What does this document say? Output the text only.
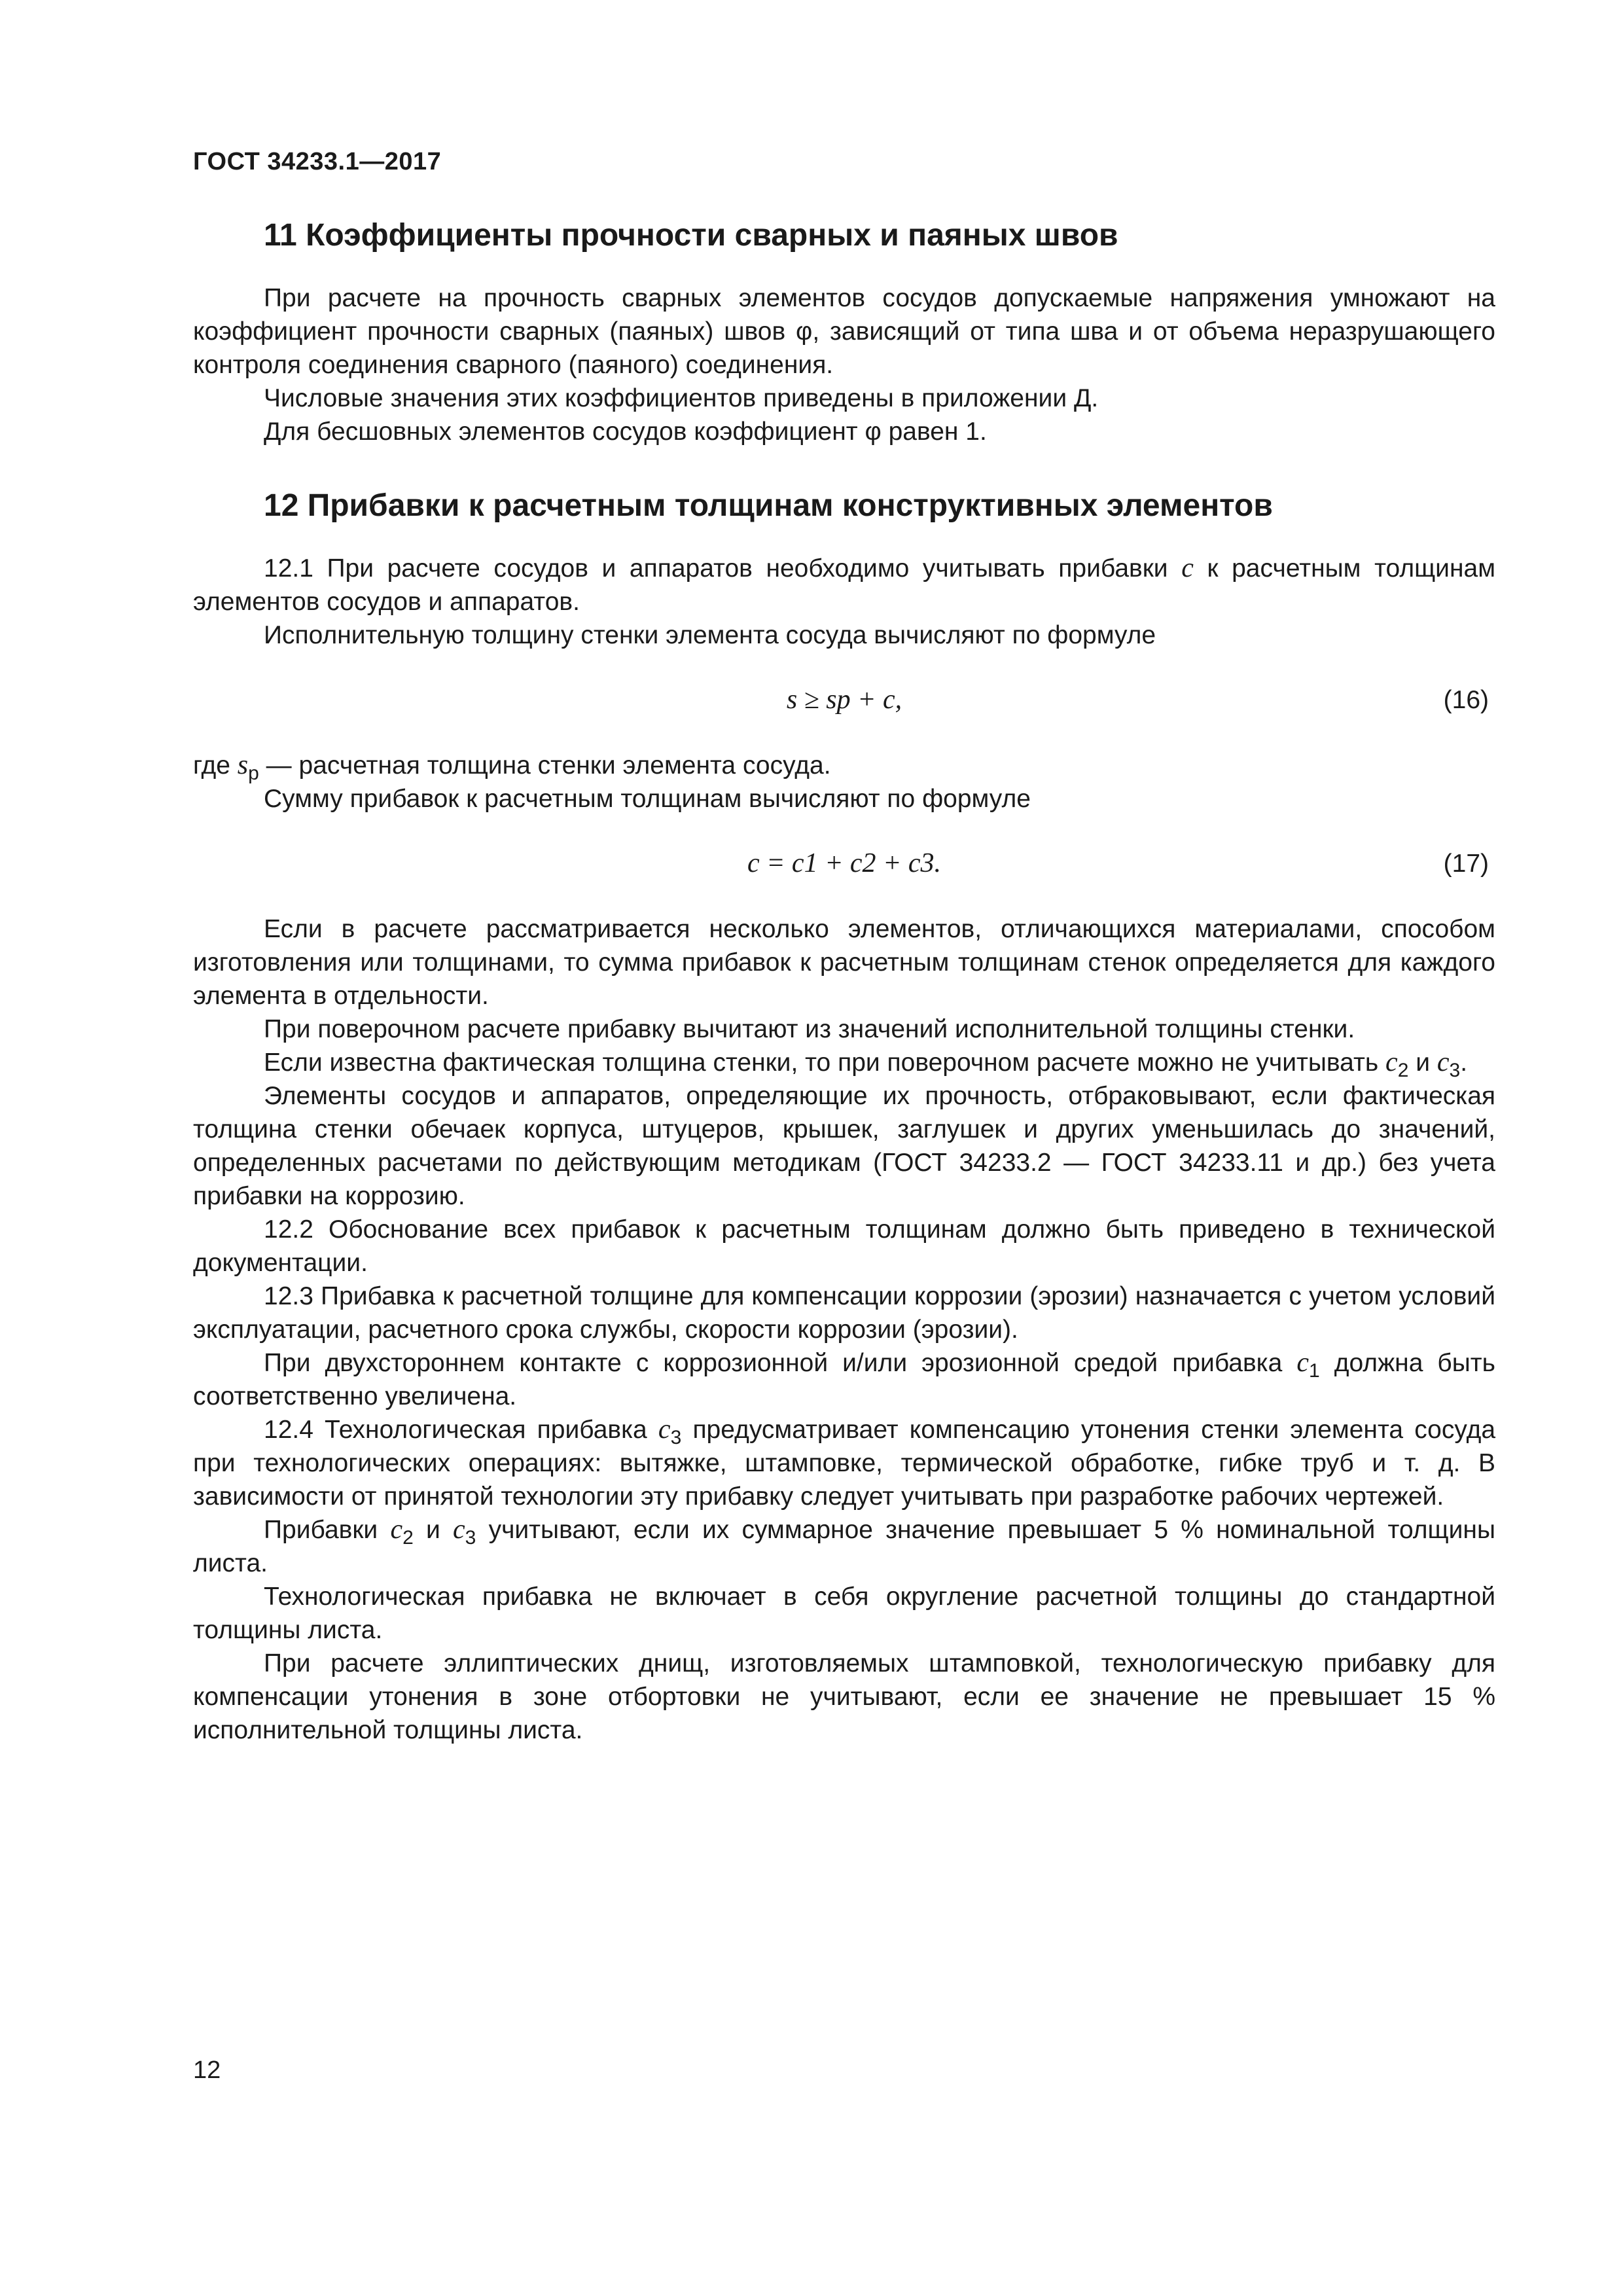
ГОСТ 34233.1—2017
11 Коэффициенты прочности сварных и паяных швов

При расчете на прочность сварных элементов сосудов допускаемые напряжения умножают на коэффициент прочности сварных (паяных) швов φ, зависящий от типа шва и от объема неразрушающего контроля соединения сварного (паяного) соединения.

Числовые значения этих коэффициентов приведены в приложении Д.

Для бесшовных элементов сосудов коэффициент φ равен 1.

12 Прибавки к расчетным толщинам конструктивных элементов

12.1 При расчете сосудов и аппаратов необходимо учитывать прибавки c к расчетным толщинам элементов сосудов и аппаратов.

Исполнительную толщину стенки элемента сосуда вычисляют по формуле

s ≥ sp + c,	(16)

где $s_р$ — расчетная толщина стенки элемента сосуда.

Сумму прибавок к расчетным толщинам вычисляют по формуле

c = c1 + c2 + c3.	(17)

Если в расчете рассматривается несколько элементов, отличающихся материалами, способом изготовления или толщинами, то сумма прибавок к расчетным толщинам стенок определяется для каждого элемента в отдельности.

При поверочном расчете прибавку вычитают из значений исполнительной толщины стенки.

Если известна фактическая толщина стенки, то при поверочном расчете можно не учитывать $c_2$ и $c_3$.

Элементы сосудов и аппаратов, определяющие их прочность, отбраковывают, если фактическая толщина стенки обечаек корпуса, штуцеров, крышек, заглушек и других уменьшилась до значений, определенных расчетами по действующим методикам (ГОСТ 34233.2 — ГОСТ 34233.11 и др.) без учета прибавки на коррозию.

12.2 Обоснование всех прибавок к расчетным толщинам должно быть приведено в технической документации.

12.3 Прибавка к расчетной толщине для компенсации коррозии (эрозии) назначается с учетом условий эксплуатации, расчетного срока службы, скорости коррозии (эрозии).

При двухстороннем контакте с коррозионной и/или эрозионной средой прибавка $c_1$ должна быть соответственно увеличена.

12.4 Технологическая прибавка $c_3$ предусматривает компенсацию утонения стенки элемента сосуда при технологических операциях: вытяжке, штамповке, термической обработке, гибке труб и т. д. В зависимости от принятой технологии эту прибавку следует учитывать при разработке рабочих чертежей.

Прибавки $c_2$ и $c_3$ учитывают, если их суммарное значение превышает 5 % номинальной толщины листа.

Технологическая прибавка не включает в себя округление расчетной толщины до стандартной толщины листа.

При расчете эллиптических днищ, изготовляемых штамповкой, технологическую прибавку для компенсации утонения в зоне отбортовки не учитывают, если ее значение не превышает 15 % исполнительной толщины листа.

12
